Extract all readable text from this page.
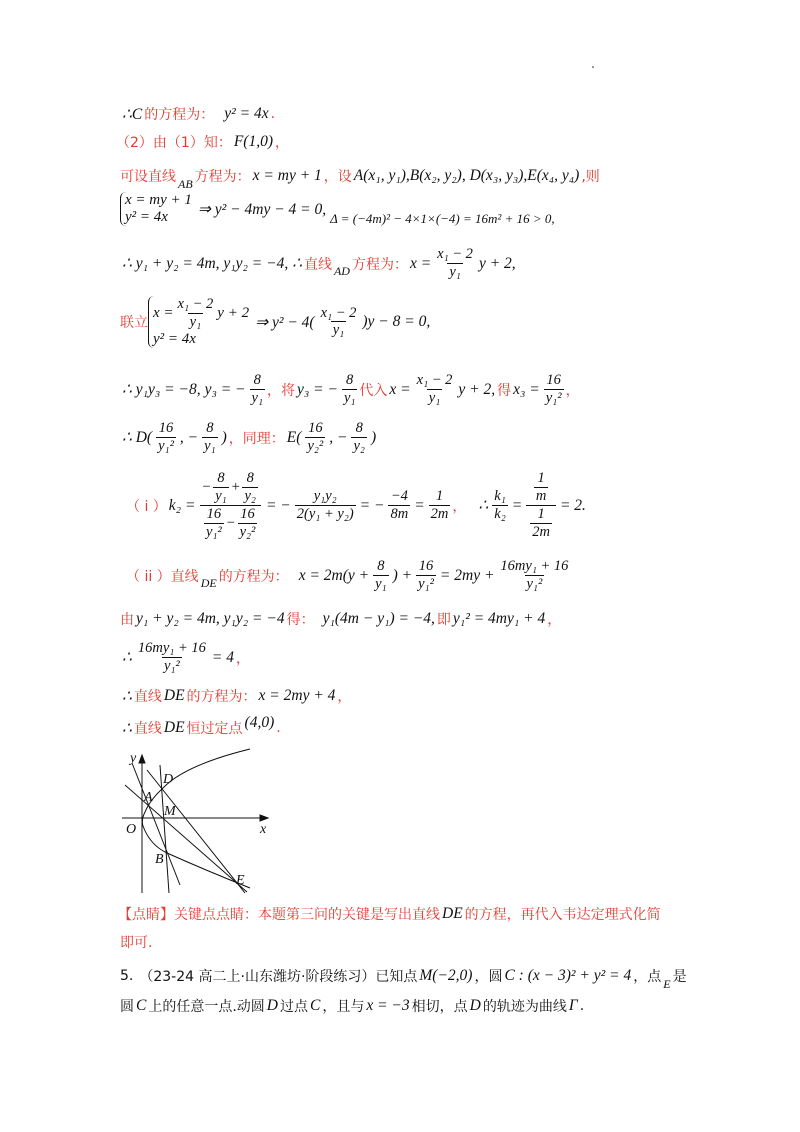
∴C 的方程为： y² = 4x .
（2）由（1）知： F(1,0) ，
可设直线 AB 方程为： x = my + 1 ，设 A(x₁, y₁),B(x₂, y₂), D(x₃, y₃),E(x₄, y₄) ,则
x = my + 1
y² = 4x	⇒ y² − 4my − 4 = 0,
Δ = (−4m)² − 4×1×(−4) = 16m² + 16 > 0,
∴ y₁ + y₂ = 4m, y₁y₂ = −4, ∴ 直线 AD 方程为： $x = \frac{\text{x₁ − 2}}{\text{y₁}}$ y + 2,
联立
$x = \frac{\text{x₁ − 2}}{\text{y₁}}$ y + 2
y² = 4x
⇒ $y^2 - 4( \frac{\text{x₁ − 2}}{\text{y₁}} )y - 8 = 0$,
∴ y₁y₃ = −8, y₃ = − $\frac{8}{\text{y₁}}$ ，将 y₃ = − $\frac{8}{\text{y₁}}$ 代入 $x = \frac{\text{x₁ − 2}}{\text{y₁}}$ y + 2, 得 $x_3 = \frac{16}{\text{y₁²}}$ ，
∴ $D( \frac{16}{\text{y₁²}}$ , − $\frac{8}{\text{y₁}}$ ) ，同理： $E( \frac{16}{\text{y₂²}}$ , − $\frac{8}{\text{y₂}}$ )
（ i ） $k_2 = \frac{- \frac{8}{\text{y₁}} + \frac{8}{\text{y₂}}}{\frac{16}{\text{y₁²}} - \frac{16}{\text{y₂²}}}$ = − $\frac{\text{y₁y₂}}{\text{2(y₁ + y₂)}}$ = − $\frac{-4}{8m} = \frac{1}{2m}$ ， ∴ $\frac{\text{k₁}}{\text{k₂}} = \frac{\frac{1}{m}}{\frac{1}{2m}} = 2$.
（ ii ）直线 DE 的方程为： $x = 2m(y + \frac{8}{\text{y₁}}$ ) + $\frac{16}{\text{y₁²}} = 2my + \frac{\text{16my₁ + 16}}{\text{y₁²}}$
由 y₁ + y₂ = 4m, y₁y₂ = −4 得： y₁(4m − y₁) = −4, 即 y₁² = 4my₁ + 4 ，
∴ $\frac{\text{16my₁ + 16}}{\text{y₁²}} = 4$ ，
∴ 直线 DE 的方程为： x = 2my + 4 ，
∴ 直线 DE 恒过定点 (4,0) .
y
D
A
M
O	x
B
E
【点睛】关键点点睛：本题第三问的关键是写出直线 DE 的方程，再代入韦达定理式化简
即可.
5. （23-24 高二上·山东潍坊·阶段练习）已知点 M(−2,0) ，圆 C : (x − 3)² + y² = 4 ，点 E 是
圆 C 上的任意一点.动圆 D 过点 C ，且与 x = −3 相切，点 D 的轨迹为曲线 Γ .
